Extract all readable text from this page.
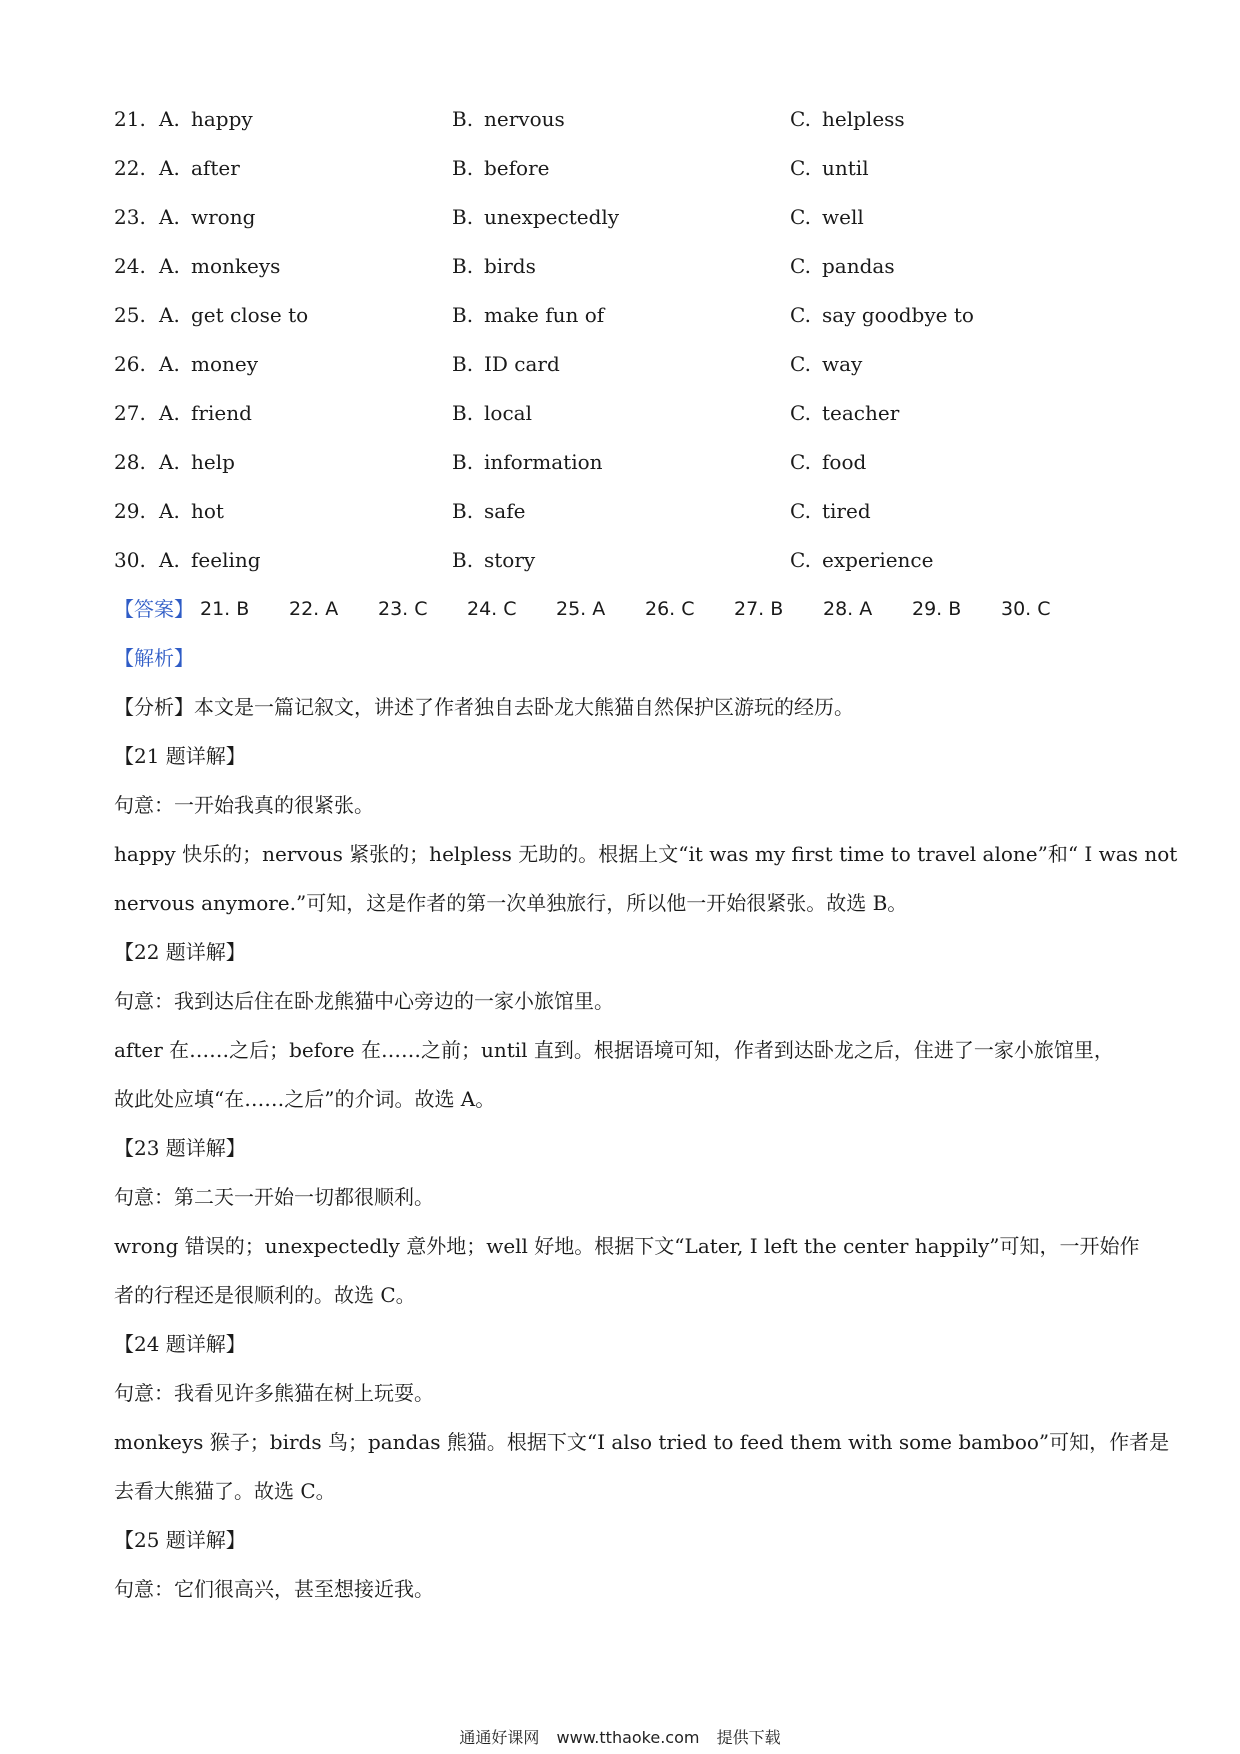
21. A. happy	B. nervous	C. helpless
22. A. after	B. before	C. until
23. A. wrong	B. unexpectedly	C. well
24. A. monkeys	B. birds	C. pandas
25. A. get close to	B. make fun of	C. say goodbye to
26. A. money	B. ID card	C. way
27. A. friend	B. local	C. teacher
28. A. help	B. information	C. food
29. A. hot	B. safe	C. tired
30. A. feeling	B. story	C. experience
【答案】 21. B 22. A 23. C 24. C 25. A 26. C 27. B 28. A 29. B 30. C
【解析】
【分析】本文是一篇记叙文，讲述了作者独自去卧龙大熊猫自然保护区游玩的经历。
【21 题详解】
句意：一开始我真的很紧张。
happy 快乐的；nervous 紧张的；helpless 无助的。根据上文“it was my first time to travel alone”和“ I was not
nervous anymore.”可知，这是作者的第一次单独旅行，所以他一开始很紧张。故选 B。
【22 题详解】
句意：我到达后住在卧龙熊猫中心旁边的一家小旅馆里。
after 在……之后；before 在……之前；until 直到。根据语境可知，作者到达卧龙之后，住进了一家小旅馆里，
故此处应填“在……之后”的介词。故选 A。
【23 题详解】
句意：第二天一开始一切都很顺利。
wrong 错误的；unexpectedly 意外地；well 好地。根据下文“Later, I left the center happily”可知，一开始作
者的行程还是很顺利的。故选 C。
【24 题详解】
句意：我看见许多熊猫在树上玩耍。
monkeys 猴子；birds 鸟；pandas 熊猫。根据下文“I also tried to feed them with some bamboo”可知，作者是
去看大熊猫了。故选 C。
【25 题详解】
句意：它们很高兴，甚至想接近我。
通通好课网 www.tthaoke.com 提供下载
